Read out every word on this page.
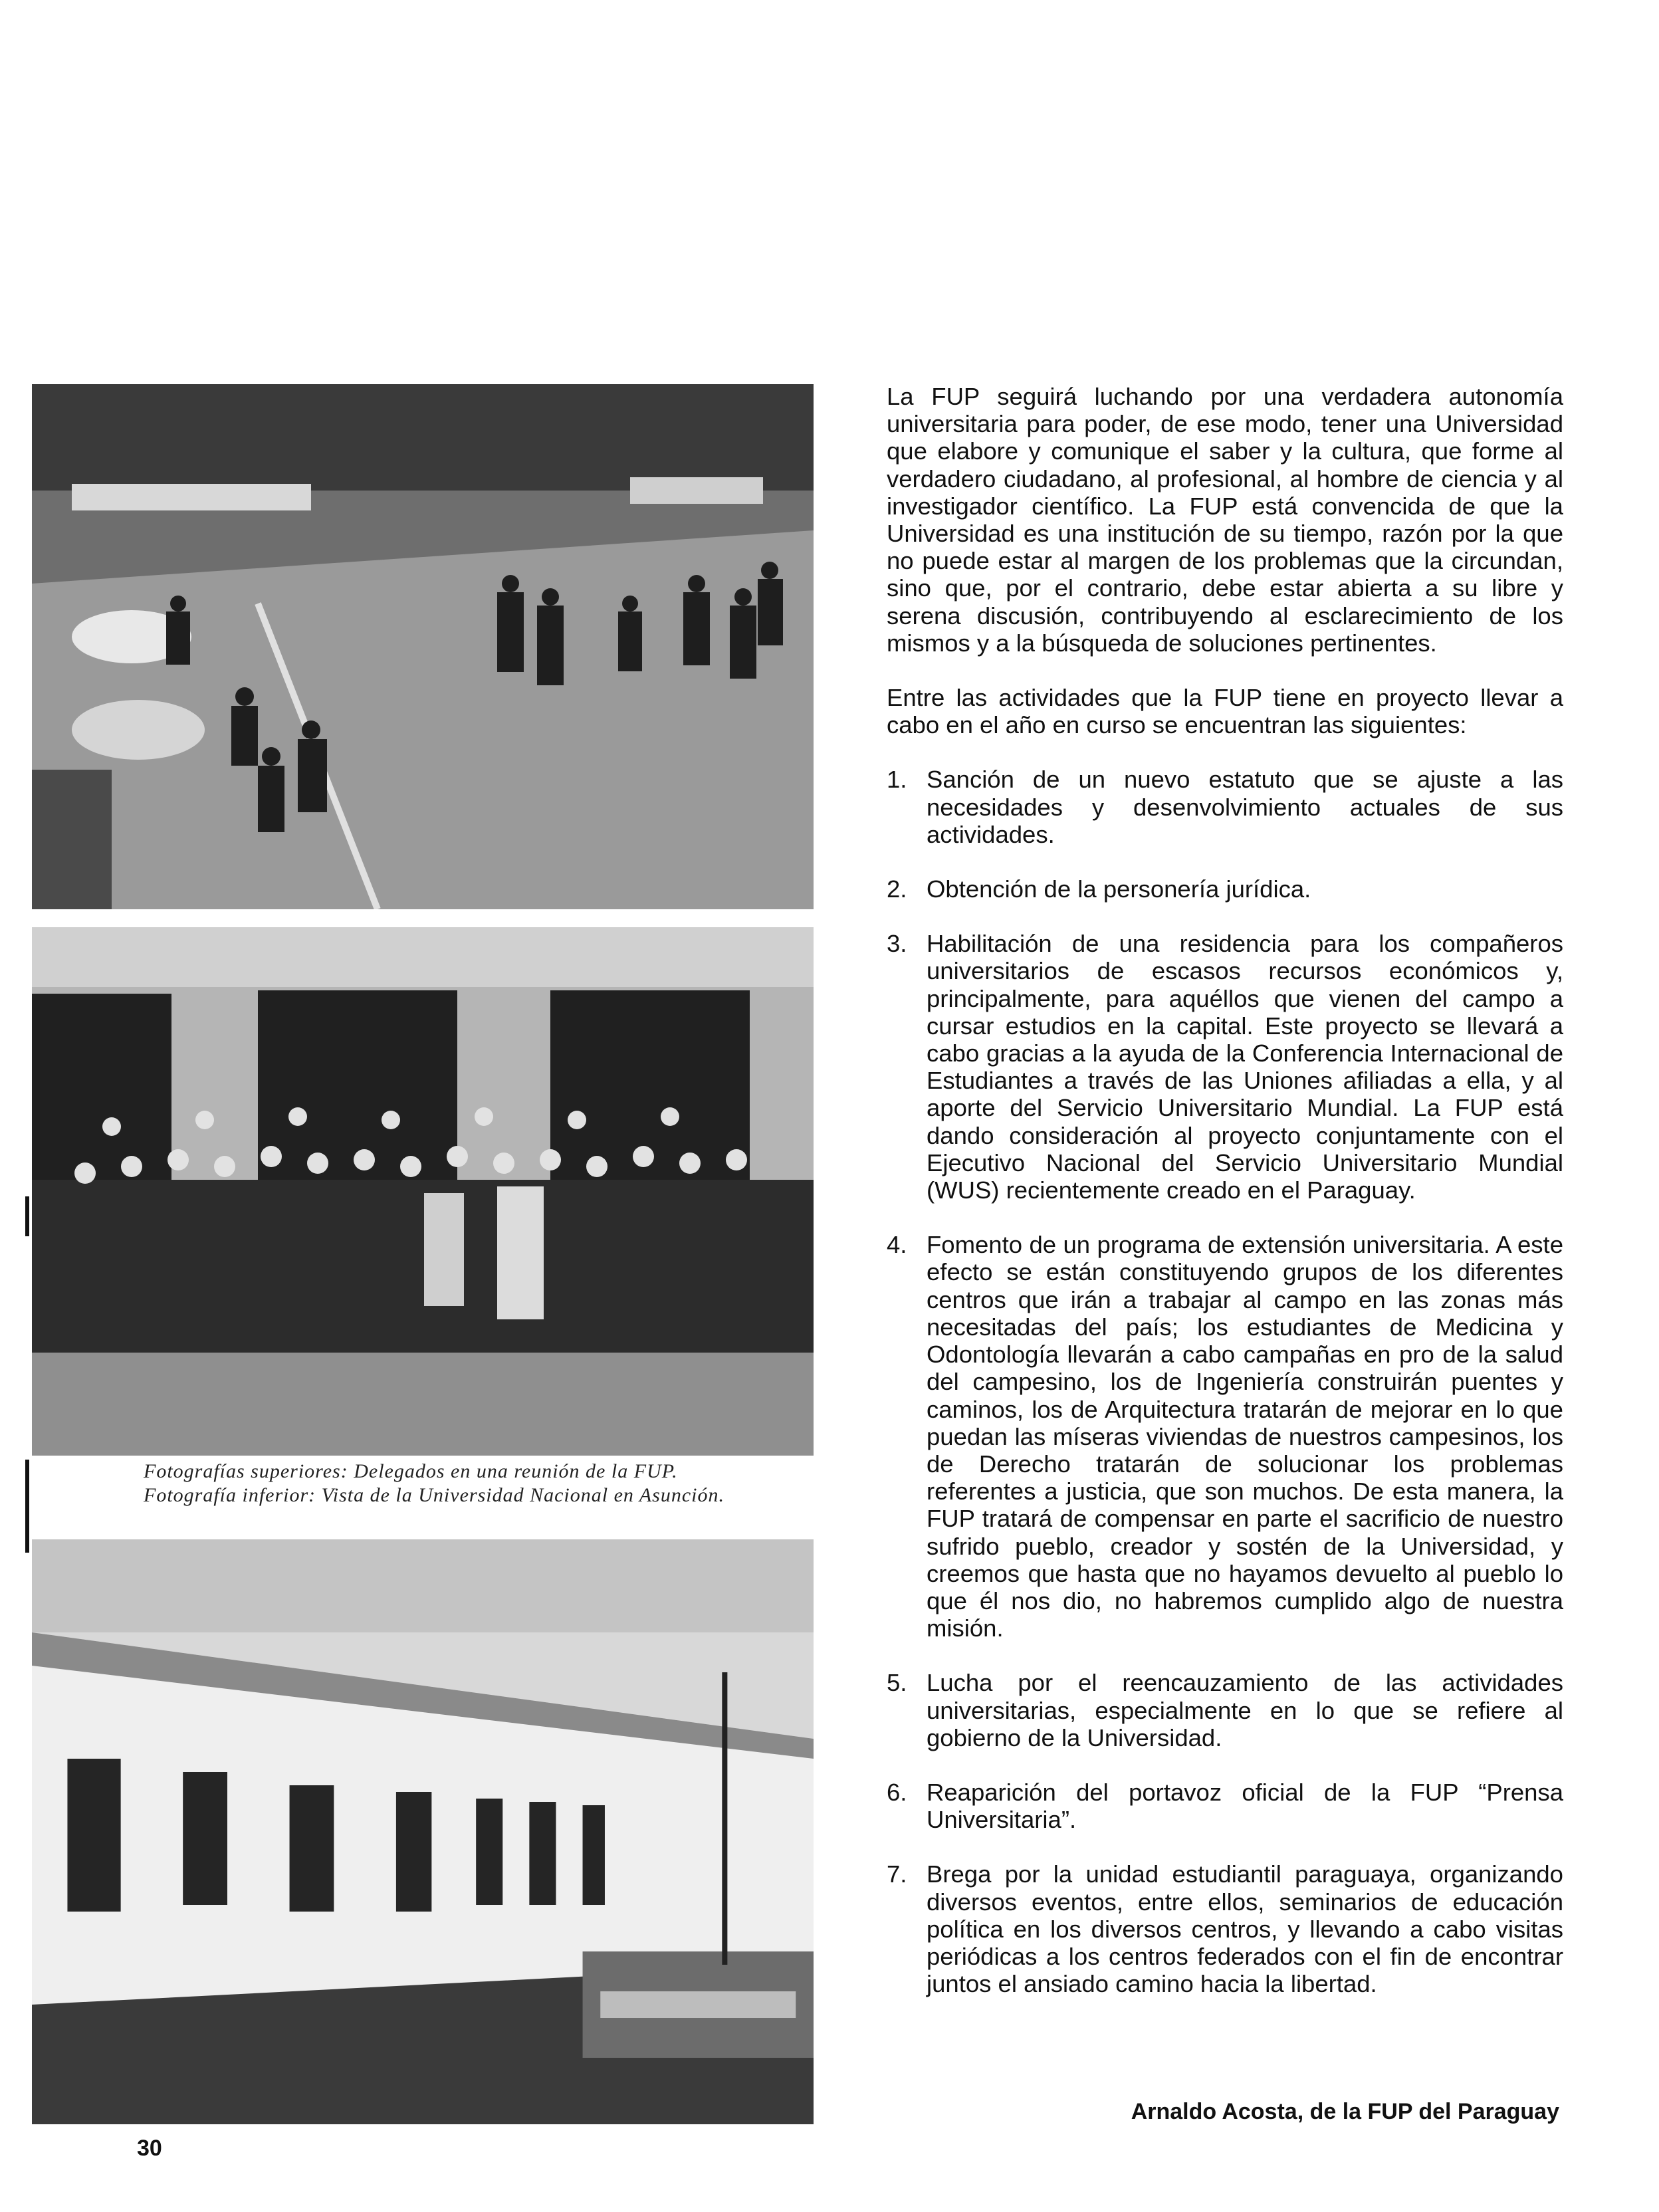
Fotografías superiores: Delegados en una reunión de la FUP.
Fotografía inferior: Vista de la Universidad Nacional en Asunción.

La FUP seguirá luchando por una verdadera autonomía universitaria para poder, de ese modo, tener una Universidad que elabore y comunique el saber y la cultura, que forme al verdadero ciudadano, al profesional, al hombre de ciencia y al investigador científico. La FUP está convencida de que la Universidad es una institución de su tiempo, razón por la que no puede estar al margen de los problemas que la circundan, sino que, por el contrario, debe estar abierta a su libre y serena discusión, contribuyendo al esclarecimiento de los mismos y a la búsqueda de soluciones pertinentes.

Entre las actividades que la FUP tiene en proyecto llevar a cabo en el año en curso se encuentran las siguientes:

1. Sanción de un nuevo estatuto que se ajuste a las necesidades y desenvolvimiento actuales de sus actividades.
2. Obtención de la personería jurídica.
3. Habilitación de una residencia para los compañeros universitarios de escasos recursos económicos y, principalmente, para aquéllos que vienen del campo a cursar estudios en la capital. Este proyecto se llevará a cabo gracias a la ayuda de la Conferencia Internacional de Estudiantes a través de las Uniones afiliadas a ella, y al aporte del Servicio Universitario Mundial. La FUP está dando consideración al proyecto conjuntamente con el Ejecutivo Nacional del Servicio Universitario Mundial (WUS) recientemente creado en el Paraguay.
4. Fomento de un programa de extensión universitaria. A este efecto se están constituyendo grupos de los diferentes centros que irán a trabajar al campo en las zonas más necesitadas del país; los estudiantes de Medicina y Odontología llevarán a cabo campañas en pro de la salud del campesino, los de Ingeniería construirán puentes y caminos, los de Arquitectura tratarán de mejorar en lo que puedan las míseras viviendas de nuestros campesinos, los de Derecho tratarán de solucionar los problemas referentes a justicia, que son muchos. De esta manera, la FUP tratará de compensar en parte el sacrificio de nuestro sufrido pueblo, creador y sostén de la Universidad, y creemos que hasta que no hayamos devuelto al pueblo lo que él nos dio, no habremos cumplido algo de nuestra misión.
5. Lucha por el reencauzamiento de las actividades universitarias, especialmente en lo que se refiere al gobierno de la Universidad.
6. Reaparición del portavoz oficial de la FUP “Prensa Universitaria”.
7. Brega por la unidad estudiantil paraguaya, organizando diversos eventos, entre ellos, seminarios de educación política en los diversos centros, y llevando a cabo visitas periódicas a los centros federados con el fin de encontrar juntos el ansiado camino hacia la libertad.
Arnaldo Acosta, de la FUP del Paraguay
30
